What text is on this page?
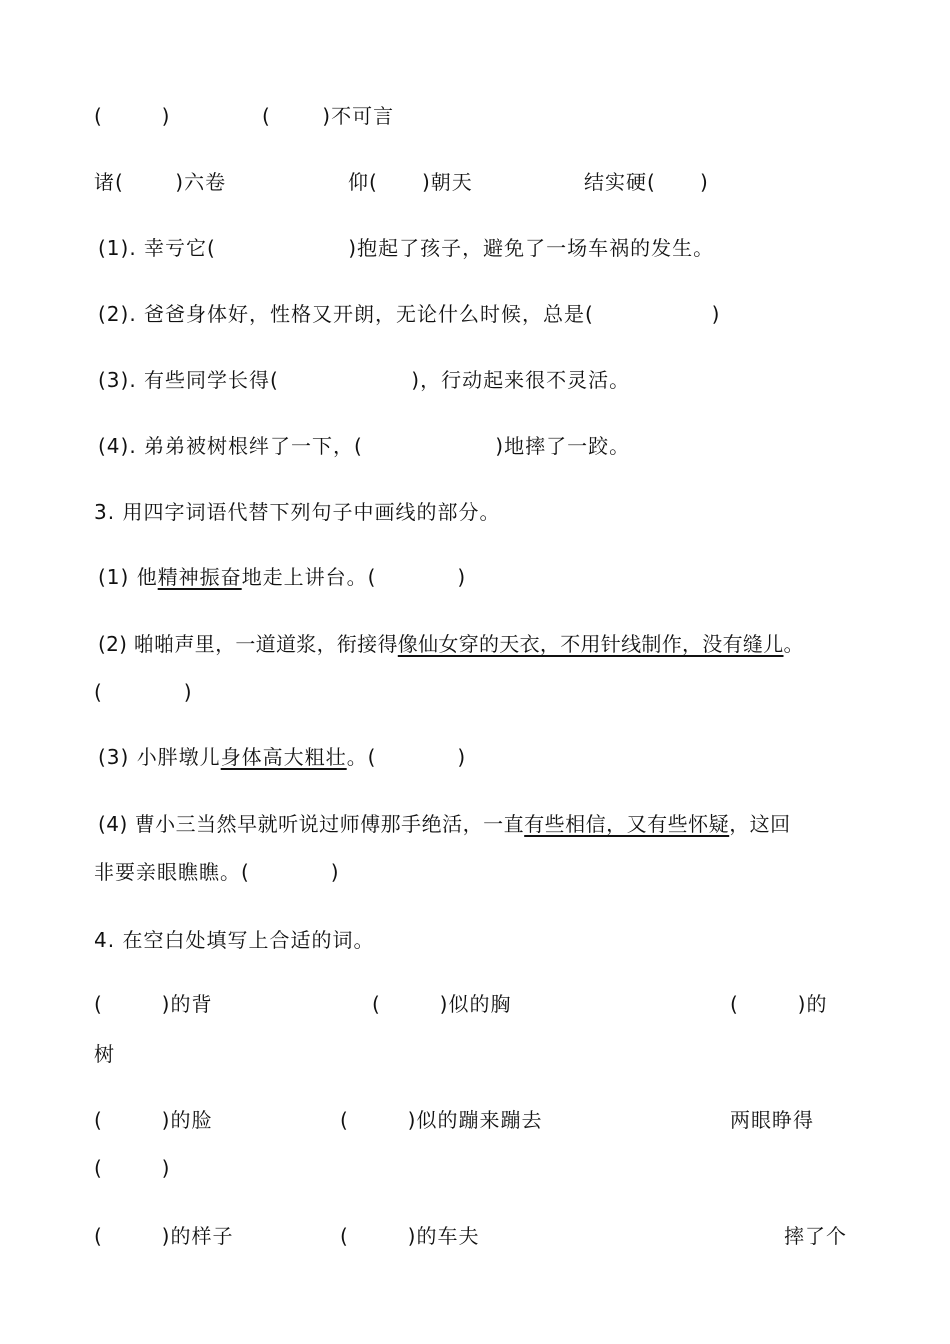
(        )	(       )不可言
诸(       )六卷	仰(      )朝天	结实硬(      )
(1). 幸亏它(                  )抱起了孩子，避免了一场车祸的发生。
(2). 爸爸身体好，性格又开朗，无论什么时候，总是(                )
(3). 有些同学长得(                  )，行动起来很不灵活。
(4). 弟弟被树根绊了一下，(                  )地摔了一跤。
3. 用四字词语代替下列句子中画线的部分。
(1) 他精神振奋地走上讲台。(           )
(2) 啪啪声里，一道道浆，衔接得像仙女穿的天衣，不用针线制作，没有缝儿。
(           )
(3) 小胖墩儿身体高大粗壮。(           )
(4) 曹小三当然早就听说过师傅那手绝活，一直有些相信，又有些怀疑，这回
非要亲眼瞧瞧。(           )
4. 在空白处填写上合适的词。
(        )的背	(        )似的胸	(        )的
树
(        )的脸	(        )似的蹦来蹦去	两眼睁得
(        )
(        )的样子	(        )的车夫	摔了个
